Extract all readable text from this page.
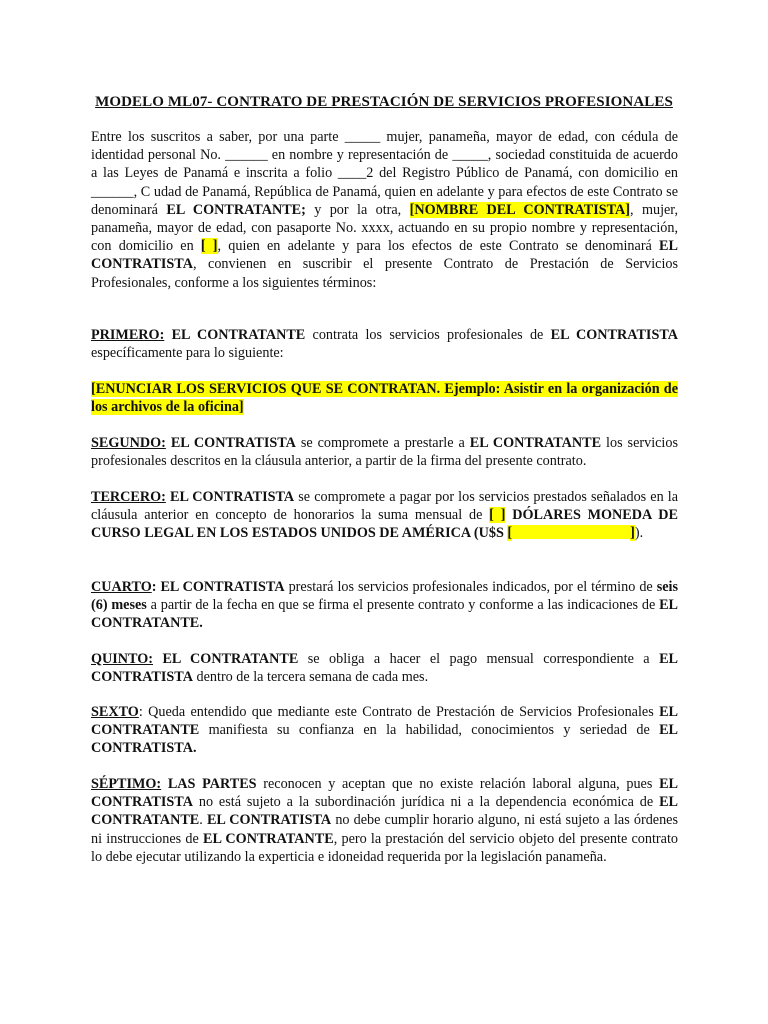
MODELO ML07- CONTRATO DE PRESTACIÓN DE SERVICIOS PROFESIONALES

Entre los suscritos a saber, por una parte _____ mujer, panameña, mayor de edad, con cédula de identidad personal No. ______ en nombre y representación de _____, sociedad constituida de acuerdo a las Leyes de Panamá e inscrita a folio ____2 del Registro Público de Panamá, con domicilio en ______, C udad de Panamá, República de Panamá, quien en adelante y para efectos de este Contrato se denominará EL CONTRATANTE; y por la otra, [NOMBRE DEL CONTRATISTA], mujer, panameña, mayor de edad, con pasaporte No. xxxx, actuando en su propio nombre y representación, con domicilio en [ ], quien en adelante y para los efectos de este Contrato se denominará EL CONTRATISTA, convienen en suscribir el presente Contrato de Prestación de Servicios Profesionales, conforme a los siguientes términos:

PRIMERO: EL CONTRATANTE contrata los servicios profesionales de EL CONTRATISTA específicamente para lo siguiente:

[ENUNCIAR LOS SERVICIOS QUE SE CONTRATAN. Ejemplo: Asistir en la organización de los archivos de la oficina]

SEGUNDO: EL CONTRATISTA se compromete a prestarle a EL CONTRATANTE los servicios profesionales descritos en la cláusula anterior, a partir de la firma del presente contrato.

TERCERO: EL CONTRATISTA se compromete a pagar por los servicios prestados señalados en la cláusula anterior en concepto de honorarios la suma mensual de [ ] DÓLARES MONEDA DE CURSO LEGAL EN LOS ESTADOS UNIDOS DE AMÉRICA (U$S [	]).

CUARTO: EL CONTRATISTA prestará los servicios profesionales indicados, por el término de seis (6) meses a partir de la fecha en que se firma el presente contrato y conforme a las indicaciones de EL CONTRATANTE.

QUINTO: EL CONTRATANTE se obliga a hacer el pago mensual correspondiente a EL CONTRATISTA dentro de la tercera semana de cada mes.

SEXTO: Queda entendido que mediante este Contrato de Prestación de Servicios Profesionales EL CONTRATANTE manifiesta su confianza en la habilidad, conocimientos y seriedad de EL CONTRATISTA.

SÉPTIMO: LAS PARTES reconocen y aceptan que no existe relación laboral alguna, pues EL CONTRATISTA no está sujeto a la subordinación jurídica ni a la dependencia económica de EL CONTRATANTE. EL CONTRATISTA no debe cumplir horario alguno, ni está sujeto a las órdenes ni instrucciones de EL CONTRATANTE, pero la prestación del servicio objeto del presente contrato lo debe ejecutar utilizando la experticia e idoneidad requerida por la legislación panameña.
